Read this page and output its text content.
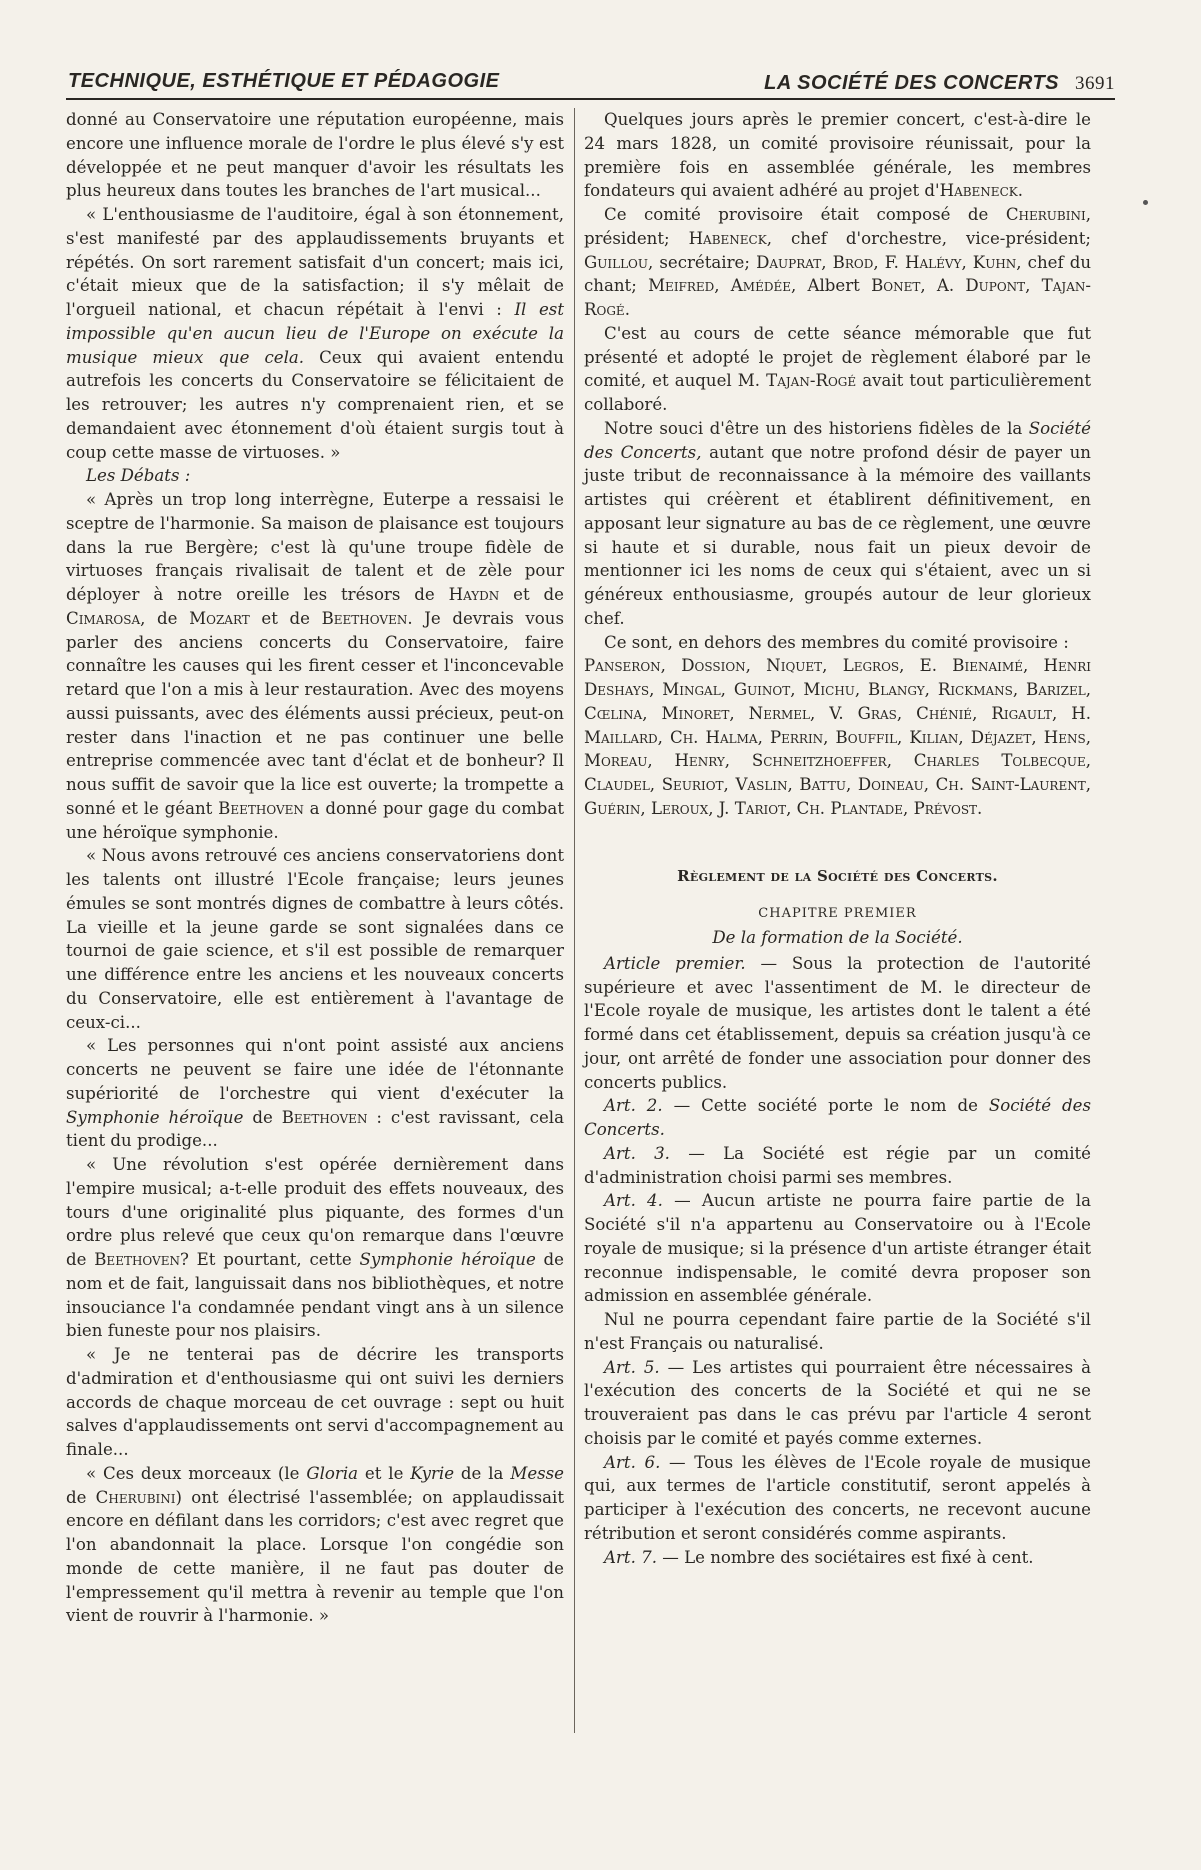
TECHNIQUE, ESTHÉTIQUE ET PÉDAGOGIE	LA SOCIÉTÉ DES CONCERTS 3691

donné au Conservatoire une réputation européenne, mais encore une influence morale de l'ordre le plus élevé s'y est développée et ne peut manquer d'avoir les résultats les plus heureux dans toutes les branches de l'art musical...

« L'enthousiasme de l'auditoire, égal à son étonnement, s'est manifesté par des applaudissements bruyants et répétés. On sort rarement satisfait d'un concert; mais ici, c'était mieux que de la satisfaction; il s'y mêlait de l'orgueil national, et chacun répétait à l'envi : Il est impossible qu'en aucun lieu de l'Europe on exécute la musique mieux que cela. Ceux qui avaient entendu autrefois les concerts du Conservatoire se félicitaient de les retrouver; les autres n'y comprenaient rien, et se demandaient avec étonnement d'où étaient surgis tout à coup cette masse de virtuoses. »

Les Débats :

« Après un trop long interrègne, Euterpe a ressaisi le sceptre de l'harmonie. Sa maison de plaisance est toujours dans la rue Bergère; c'est là qu'une troupe fidèle de virtuoses français rivalisait de talent et de zèle pour déployer à notre oreille les trésors de Haydn et de Cimarosa, de Mozart et de Beethoven. Je devrais vous parler des anciens concerts du Conservatoire, faire connaître les causes qui les firent cesser et l'inconcevable retard que l'on a mis à leur restauration. Avec des moyens aussi puissants, avec des éléments aussi précieux, peut-on rester dans l'inaction et ne pas continuer une belle entreprise commencée avec tant d'éclat et de bonheur? Il nous suffit de savoir que la lice est ouverte; la trompette a sonné et le géant Beethoven a donné pour gage du combat une héroïque symphonie.

« Nous avons retrouvé ces anciens conservatoriens dont les talents ont illustré l'Ecole française; leurs jeunes émules se sont montrés dignes de combattre à leurs côtés. La vieille et la jeune garde se sont signalées dans ce tournoi de gaie science, et s'il est possible de remarquer une différence entre les anciens et les nouveaux concerts du Conservatoire, elle est entièrement à l'avantage de ceux-ci...

« Les personnes qui n'ont point assisté aux anciens concerts ne peuvent se faire une idée de l'étonnante supériorité de l'orchestre qui vient d'exécuter la Symphonie héroïque de Beethoven : c'est ravissant, cela tient du prodige...

« Une révolution s'est opérée dernièrement dans l'empire musical; a-t-elle produit des effets nouveaux, des tours d'une originalité plus piquante, des formes d'un ordre plus relevé que ceux qu'on remarque dans l'œuvre de Beethoven? Et pourtant, cette Symphonie héroïque de nom et de fait, languissait dans nos bibliothèques, et notre insouciance l'a condamnée pendant vingt ans à un silence bien funeste pour nos plaisirs.

« Je ne tenterai pas de décrire les transports d'admiration et d'enthousiasme qui ont suivi les derniers accords de chaque morceau de cet ouvrage : sept ou huit salves d'applaudissements ont servi d'accompagnement au finale...

« Ces deux morceaux (le Gloria et le Kyrie de la Messe de Cherubini) ont électrisé l'assemblée; on applaudissait encore en défilant dans les corridors; c'est avec regret que l'on abandonnait la place. Lorsque l'on congédie son monde de cette manière, il ne faut pas douter de l'empressement qu'il mettra à revenir au temple que l'on vient de rouvrir à l'harmonie. »

Quelques jours après le premier concert, c'est-à-dire le 24 mars 1828, un comité provisoire réunissait, pour la première fois en assemblée générale, les membres fondateurs qui avaient adhéré au projet d'Habeneck.

Ce comité provisoire était composé de Cherubini, président; Habeneck, chef d'orchestre, vice-président; Guillou, secrétaire; Dauprat, Brod, F. Halévy, Kuhn, chef du chant; Meifred, Amédée, Albert Bonet, A. Dupont, Tajan-Rogé.

C'est au cours de cette séance mémorable que fut présenté et adopté le projet de règlement élaboré par le comité, et auquel M. Tajan-Rogé avait tout particulièrement collaboré.

Notre souci d'être un des historiens fidèles de la Société des Concerts, autant que notre profond désir de payer un juste tribut de reconnaissance à la mémoire des vaillants artistes qui créèrent et établirent définitivement, en apposant leur signature au bas de ce règlement, une œuvre si haute et si durable, nous fait un pieux devoir de mentionner ici les noms de ceux qui s'étaient, avec un si généreux enthousiasme, groupés autour de leur glorieux chef.

Ce sont, en dehors des membres du comité provisoire :

Panseron, Dossion, Niquet, Legros, E. Bienaimé, Henri Deshays, Mingal, Guinot, Michu, Blangy, Rickmans, Barizel, Cœlina, Minoret, Nermel, V. Gras, Chénié, Rigault, H. Maillard, Ch. Halma, Perrin, Bouffil, Kilian, Déjazet, Hens, Moreau, Henry, Schneitzhoeffer, Charles Tolbecque, Claudel, Seuriot, Vaslin, Battu, Doineau, Ch. Saint-Laurent, Guérin, Leroux, J. Tariot, Ch. Plantade, Prévost.

Règlement de la Société des Concerts.

CHAPITRE PREMIER

De la formation de la Société.

Article premier. — Sous la protection de l'autorité supérieure et avec l'assentiment de M. le directeur de l'Ecole royale de musique, les artistes dont le talent a été formé dans cet établissement, depuis sa création jusqu'à ce jour, ont arrêté de fonder une association pour donner des concerts publics.

Art. 2. — Cette société porte le nom de Société des Concerts.

Art. 3. — La Société est régie par un comité d'administration choisi parmi ses membres.

Art. 4. — Aucun artiste ne pourra faire partie de la Société s'il n'a appartenu au Conservatoire ou à l'Ecole royale de musique; si la présence d'un artiste étranger était reconnue indispensable, le comité devra proposer son admission en assemblée générale.

Nul ne pourra cependant faire partie de la Société s'il n'est Français ou naturalisé.

Art. 5. — Les artistes qui pourraient être nécessaires à l'exécution des concerts de la Société et qui ne se trouveraient pas dans le cas prévu par l'article 4 seront choisis par le comité et payés comme externes.

Art. 6. — Tous les élèves de l'Ecole royale de musique qui, aux termes de l'article constitutif, seront appelés à participer à l'exécution des concerts, ne recevont aucune rétribution et seront considérés comme aspirants.

Art. 7. — Le nombre des sociétaires est fixé à cent.
